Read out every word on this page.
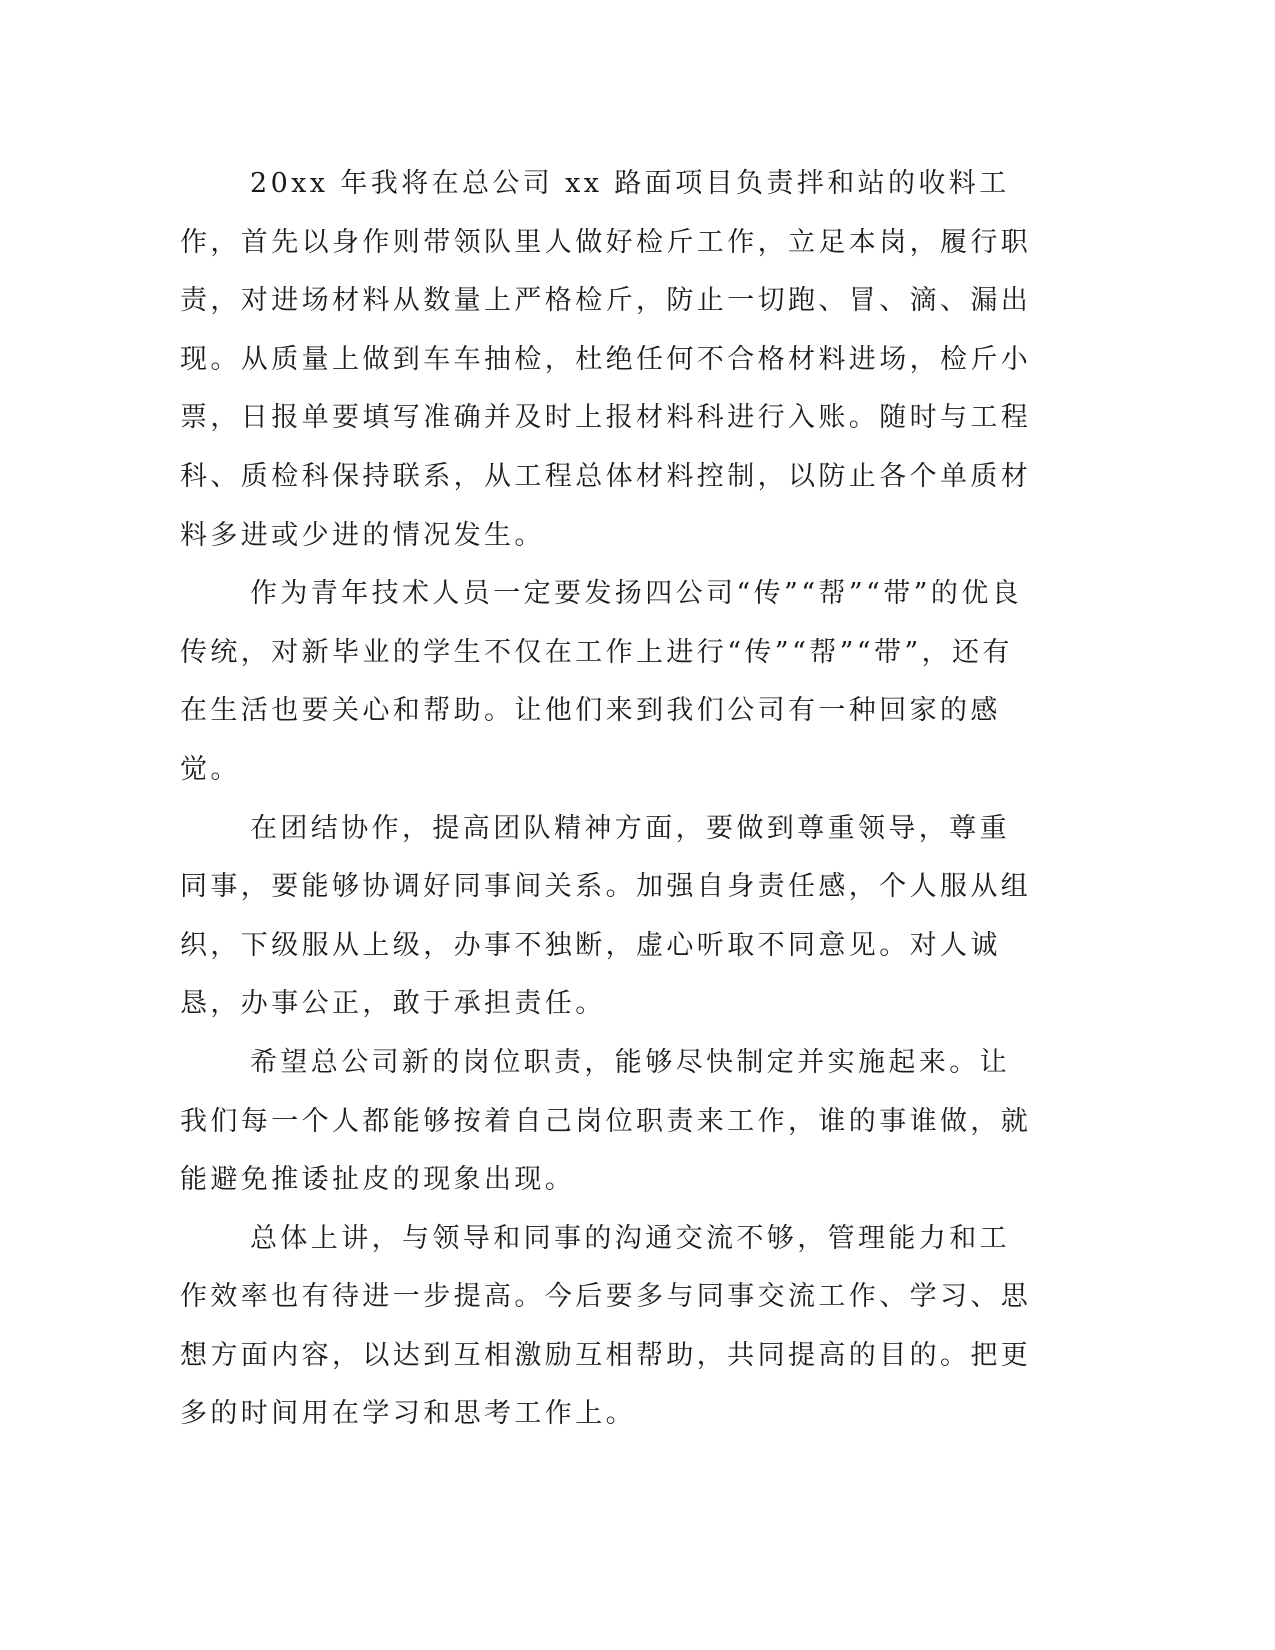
20xx 年我将在总公司 xx 路面项目负责拌和站的收料工作，首先以身作则带领队里人做好检斤工作，立足本岗，履行职责，对进场材料从数量上严格检斤，防止一切跑、冒、滴、漏出现。从质量上做到车车抽检，杜绝任何不合格材料进场，检斤小票，日报单要填写准确并及时上报材料科进行入账。随时与工程科、质检科保持联系，从工程总体材料控制，以防止各个单质材料多进或少进的情况发生。

作为青年技术人员一定要发扬四公司“传”“帮”“带”的优良传统，对新毕业的学生不仅在工作上进行“传”“帮”“带”，还有在生活也要关心和帮助。让他们来到我们公司有一种回家的感觉。

在团结协作，提高团队精神方面，要做到尊重领导，尊重同事，要能够协调好同事间关系。加强自身责任感，个人服从组织，下级服从上级，办事不独断，虚心听取不同意见。对人诚恳，办事公正，敢于承担责任。

希望总公司新的岗位职责，能够尽快制定并实施起来。让我们每一个人都能够按着自己岗位职责来工作，谁的事谁做，就能避免推诿扯皮的现象出现。

总体上讲，与领导和同事的沟通交流不够，管理能力和工作效率也有待进一步提高。今后要多与同事交流工作、学习、思想方面内容，以达到互相激励互相帮助，共同提高的目的。把更多的时间用在学习和思考工作上。
